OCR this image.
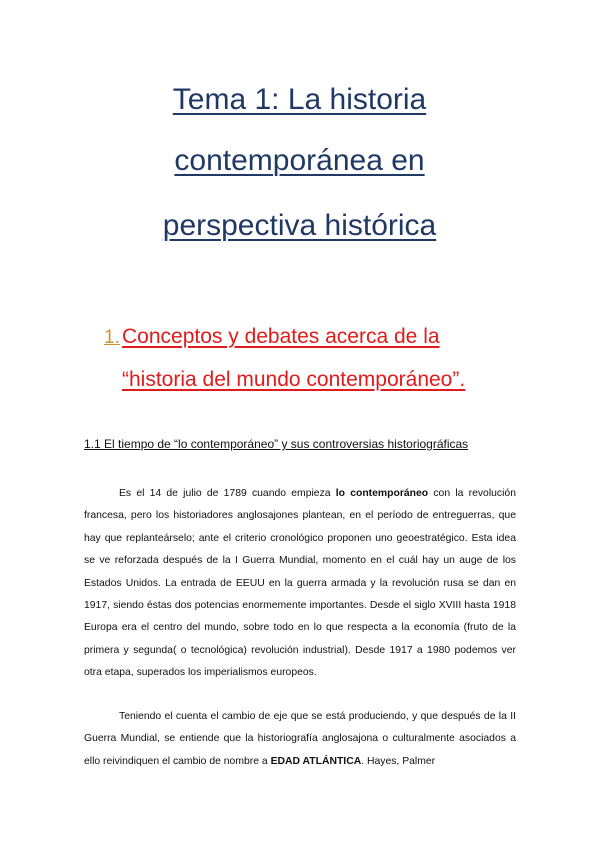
Tema 1: La historia
contemporánea en
perspectiva histórica
1. Conceptos y debates acerca de la
“historia del mundo contemporáneo”.
1.1 El tiempo de “lo contemporáneo” y sus controversias historiográficas

Es el 14 de julio de 1789 cuando empieza lo contemporáneo con la revolución francesa, pero los historiadores anglosajones plantean, en el período de entreguerras, que hay que replanteárselo; ante el criterio cronológico proponen uno geoestratégico. Esta idea se ve reforzada después de la I Guerra Mundial, momento en el cuál hay un auge de los Estados Unidos. La entrada de EEUU en la guerra armada y la revolución rusa se dan en 1917, siendo éstas dos potencias enormemente importantes. Desde el siglo XVIII hasta 1918 Europa era el centro del mundo, sobre todo en lo que respecta a la economía (fruto de la primera y segunda( o tecnológica) revolución industrial). Desde 1917 a 1980 podemos ver otra etapa, superados los imperialismos europeos.

Teniendo el cuenta el cambio de eje que se está produciendo, y que después de la II Guerra Mundial, se entiende que la historiografía anglosajona o culturalmente asociados a ello reivindiquen el cambio de nombre a EDAD ATLÁNTICA. Hayes, Palmer
